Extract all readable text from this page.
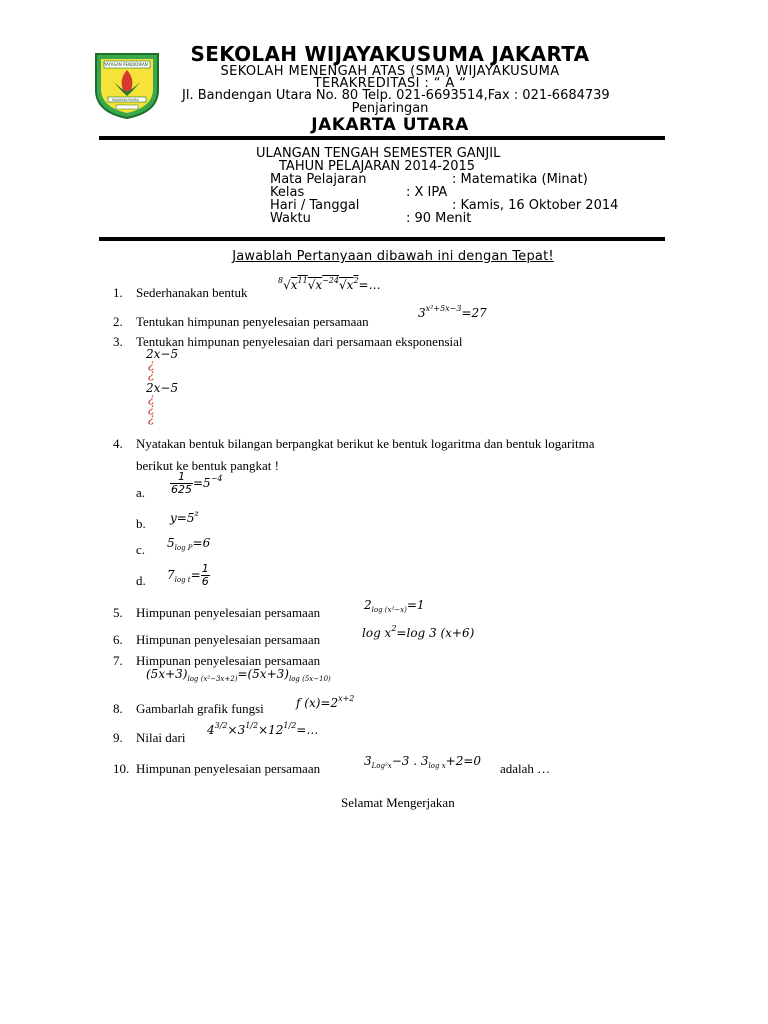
YAYASAN PENDIDIKAN
WIJAYAKUSUMA
SEKOLAH WIJAYAKUSUMA JAKARTA
SEKOLAH MENENGAH ATAS (SMA) WIJAYAKUSUMA
TERAKREDITASI : “ A “
Jl. Bandengan Utara No. 80 Telp. 021-6693514,Fax : 021-6684739
Penjaringan
JAKARTA UTARA
ULANGAN TENGAH SEMESTER GANJIL
TAHUN PELAJARAN 2014-2015
Mata Pelajaran	: Matematika (Minat)
Kelas	: X IPA
Hari / Tanggal	: Kamis, 16 Oktober 2014
Waktu	: 90 Menit
Jawablah Pertanyaan dibawah ini dengan Tepat!
1. Sederhanakan bentuk
$^8√x^{11}√x^{-24}√x^2=\dots$
2. Tentukan himpunan penyelesaian persamaan
$3^{x^2+5x-3}=27$
3. Tentukan himpunan penyelesaian dari persamaan eksponensial
2x−5
¿
¿
2x−5
¿
¿
¿
4. Nyatakan bentuk bilangan berpangkat berikut ke bentuk logaritma dan bentuk logaritma
berikut ke bentuk pangkat !
a. $\frac{1}{625} =5^{-4}$
b. $y=5^z$
c. $5_{log P}=6$
d. $7_{log t}= \frac{1}{6}$
5. Himpunan penyelesaian persamaan	$2_{log (x^2-x)}=1$
6. Himpunan penyelesaian persamaan	$\log x^2=\log$ 3 (x+6)
7. Himpunan penyelesaian persamaan
$(5x+3)_{log (x^2-3x+2)}=(5x+3)_{log (5x-10)}$
8. Gambarlah grafik fungsi	f $(x)=2^{x+2}$
9. Nilai dari $4^{3/2}\times 3^{1/2}\times 12^{1/2}=\dots$
10. Himpunan penyelesaian persamaan	$3_{Log^2x}-3$ . $3_{log x}+2=0$ adalah …
Selamat Mengerjakan
